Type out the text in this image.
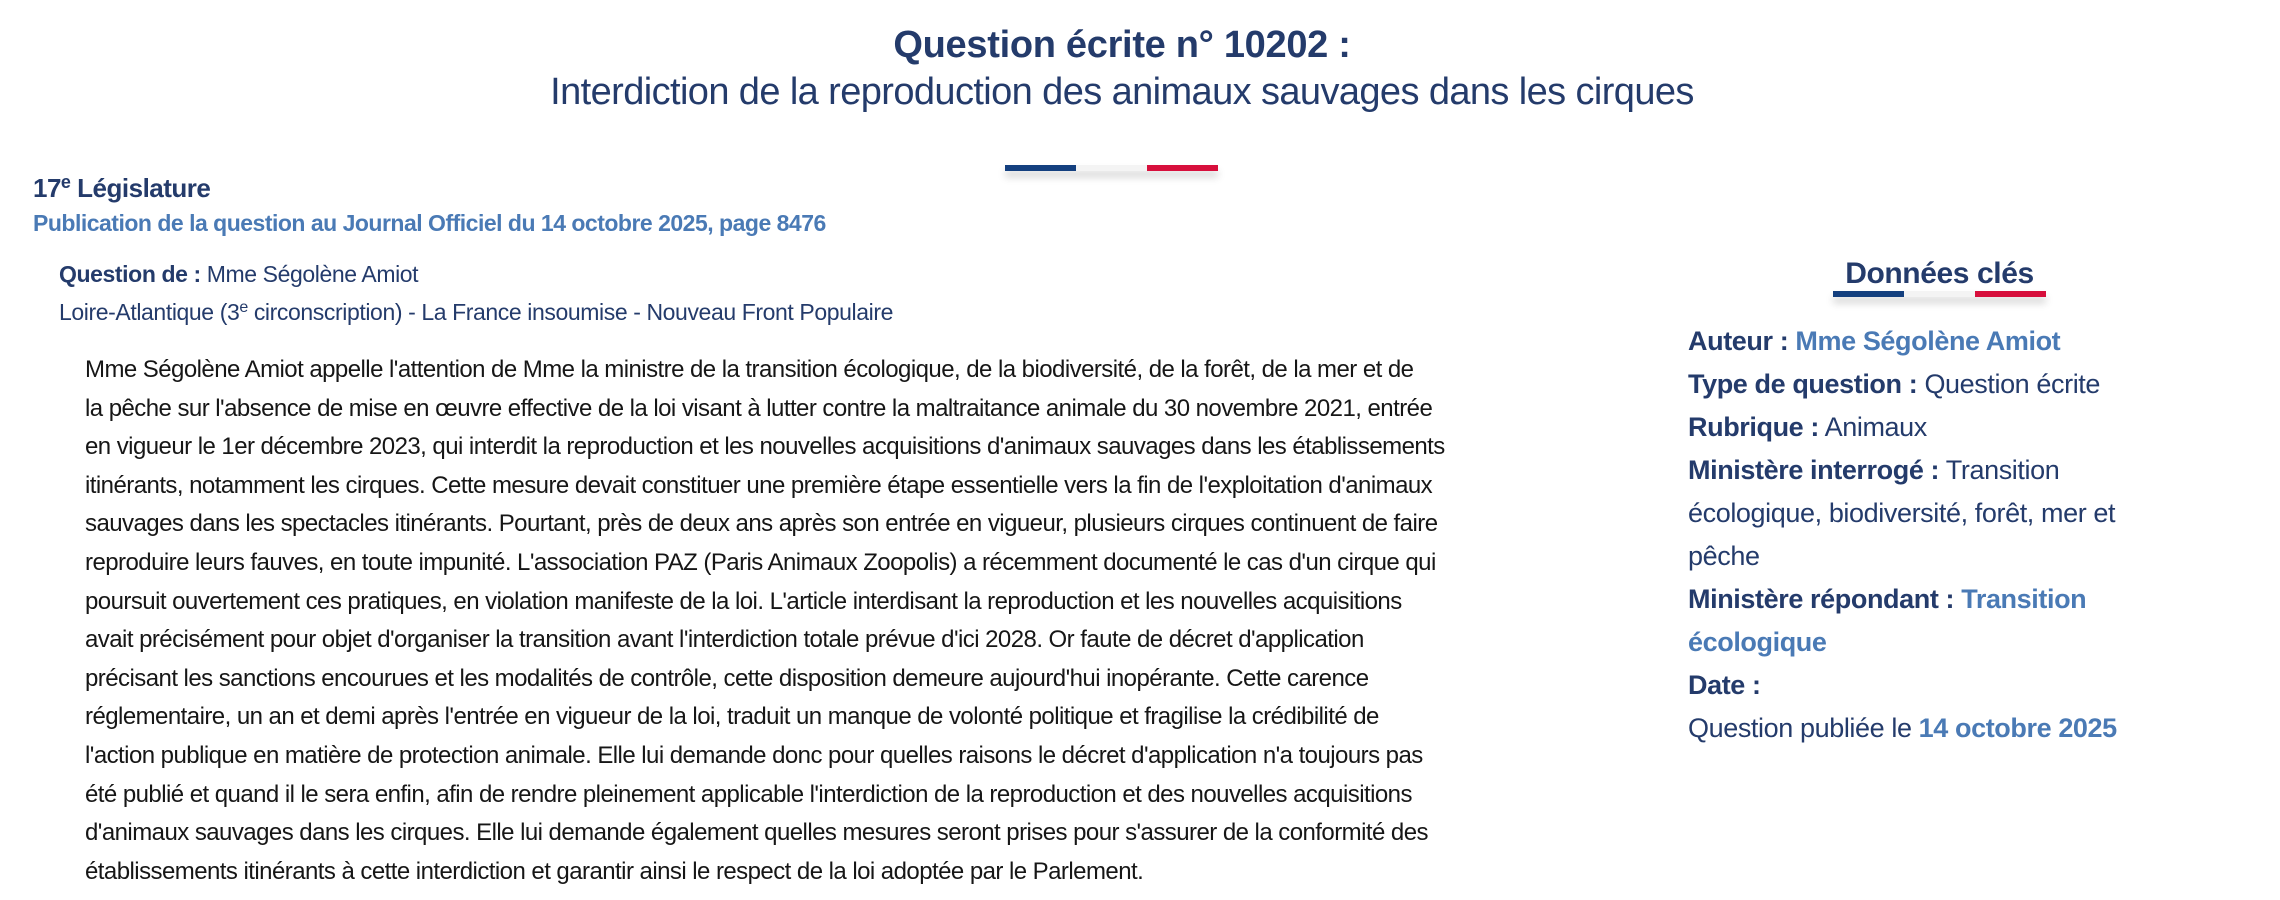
Question écrite n° 10202 :
Interdiction de la reproduction des animaux sauvages dans les cirques
17e Législature
Publication de la question au Journal Officiel du 14 octobre 2025, page 8476
Question de : Mme Ségolène Amiot
Loire-Atlantique (3e circonscription) - La France insoumise - Nouveau Front Populaire
Mme Ségolène Amiot appelle l'attention de Mme la ministre de la transition écologique, de la biodiversité, de la forêt, de la mer et de
la pêche sur l'absence de mise en œuvre effective de la loi visant à lutter contre la maltraitance animale du 30 novembre 2021, entrée
en vigueur le 1er décembre 2023, qui interdit la reproduction et les nouvelles acquisitions d'animaux sauvages dans les établissements
itinérants, notamment les cirques. Cette mesure devait constituer une première étape essentielle vers la fin de l'exploitation d'animaux
sauvages dans les spectacles itinérants. Pourtant, près de deux ans après son entrée en vigueur, plusieurs cirques continuent de faire
reproduire leurs fauves, en toute impunité. L'association PAZ (Paris Animaux Zoopolis) a récemment documenté le cas d'un cirque qui
poursuit ouvertement ces pratiques, en violation manifeste de la loi. L'article interdisant la reproduction et les nouvelles acquisitions
avait précisément pour objet d'organiser la transition avant l'interdiction totale prévue d'ici 2028. Or faute de décret d'application
précisant les sanctions encourues et les modalités de contrôle, cette disposition demeure aujourd'hui inopérante. Cette carence
réglementaire, un an et demi après l'entrée en vigueur de la loi, traduit un manque de volonté politique et fragilise la crédibilité de
l'action publique en matière de protection animale. Elle lui demande donc pour quelles raisons le décret d'application n'a toujours pas
été publié et quand il le sera enfin, afin de rendre pleinement applicable l'interdiction de la reproduction et des nouvelles acquisitions
d'animaux sauvages dans les cirques. Elle lui demande également quelles mesures seront prises pour s'assurer de la conformité des
établissements itinérants à cette interdiction et garantir ainsi le respect de la loi adoptée par le Parlement.
Données clés
Auteur : Mme Ségolène Amiot
Type de question : Question écrite
Rubrique : Animaux
Ministère interrogé : Transition
écologique, biodiversité, forêt, mer et
pêche
Ministère répondant : Transition
écologique
Date :
Question publiée le 14 octobre 2025
